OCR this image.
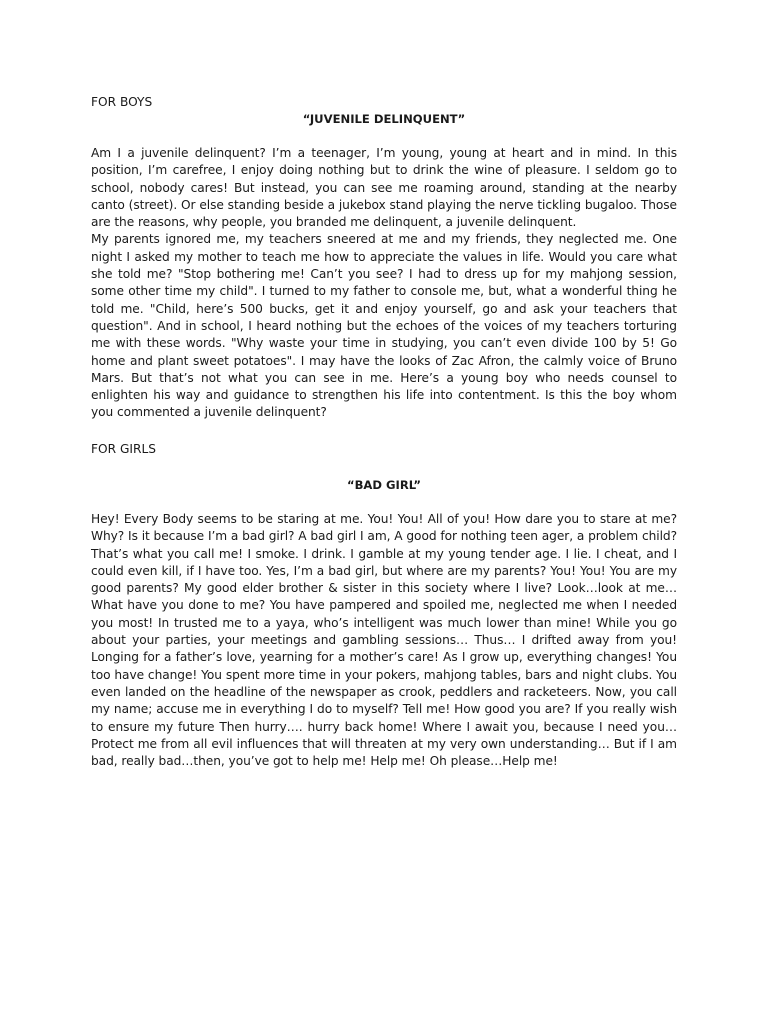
FOR BOYS

“JUVENILE DELINQUENT”

Am I a juvenile delinquent? I’m a teenager, I’m young, young at heart and in mind. In this position, I’m carefree, I enjoy doing nothing but to drink the wine of pleasure. I seldom go to school, nobody cares! But instead, you can see me roaming around, standing at the nearby canto (street). Or else standing beside a jukebox stand playing the nerve tickling bugaloo. Those are the reasons, why people, you branded me delinquent, a juvenile delinquent.

My parents ignored me, my teachers sneered at me and my friends, they neglected me. One night I asked my mother to teach me how to appreciate the values in life. Would you care what she told me? "Stop bothering me! Can’t you see? I had to dress up for my mahjong session, some other time my child". I turned to my father to console me, but, what a wonderful thing he told me. "Child, here’s 500 bucks, get it and enjoy yourself, go and ask your teachers that question". And in school, I heard nothing but the echoes of the voices of my teachers torturing me with these words. "Why waste your time in studying, you can’t even divide 100 by 5! Go home and plant sweet potatoes". I may have the looks of Zac Afron, the calmly voice of Bruno Mars. But that’s not what you can see in me. Here’s a young boy who needs counsel to enlighten his way and guidance to strengthen his life into contentment. Is this the boy whom you commented a juvenile delinquent?

FOR GIRLS

“BAD GIRL”

Hey! Every Body seems to be staring at me. You! You! All of you! How dare you to stare at me? Why? Is it because I’m a bad girl? A bad girl I am, A good for nothing teen ager, a problem child? That’s what you call me! I smoke. I drink. I gamble at my young tender age. I lie. I cheat, and I could even kill, if I have too. Yes, I’m a bad girl, but where are my parents? You! You! You are my good parents? My good elder brother & sister in this society where I live? Look…look at me…What have you done to me? You have pampered and spoiled me, neglected me when I needed you most! In trusted me to a yaya, who’s intelligent was much lower than mine! While you go about your parties, your meetings and gambling sessions… Thus… I drifted away from you! Longing for a father’s love, yearning for a mother’s care! As I grow up, everything changes! You too have change! You spent more time in your pokers, mahjong tables, bars and night clubs. You even landed on the headline of the newspaper as crook, peddlers and racketeers. Now, you call my name; accuse me in everything I do to myself? Tell me! How good you are? If you really wish to ensure my future Then hurry…. hurry back home! Where I await you, because I need you… Protect me from all evil influences that will threaten at my very own understanding… But if I am bad, really bad…then, you’ve got to help me! Help me! Oh please…Help me!
